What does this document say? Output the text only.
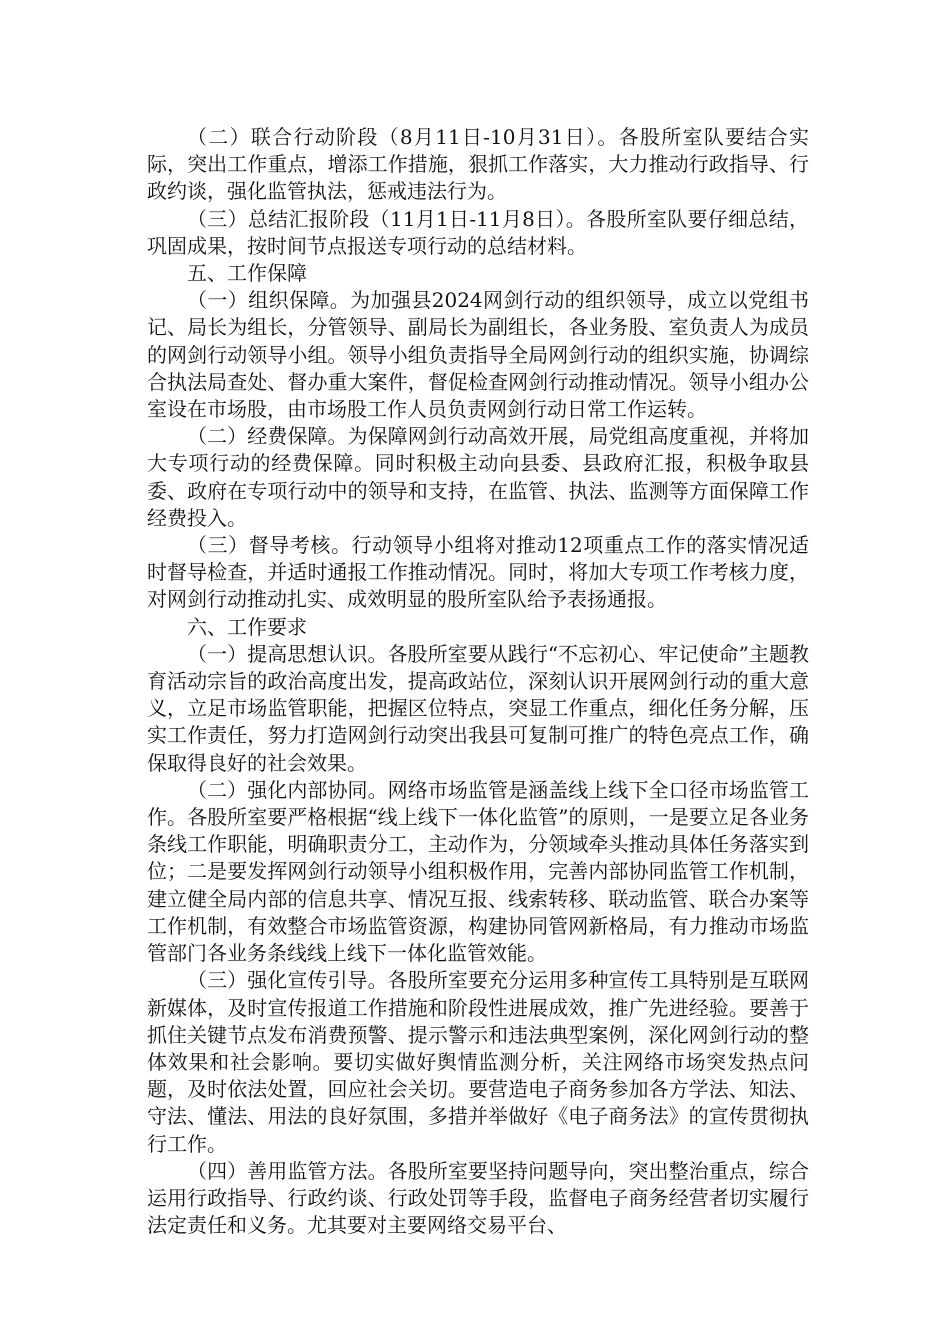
（二）联合行动阶段（8月11日-10月31日）。各股所室队要结合实际，突出工作重点，增添工作措施，狠抓工作落实，大力推动行政指导、行政约谈，强化监管执法，惩戒违法行为。

（三）总结汇报阶段（11月1日-11月8日）。各股所室队要仔细总结，巩固成果，按时间节点报送专项行动的总结材料。

五、工作保障

（一）组织保障。为加强县2024网剑行动的组织领导，成立以党组书记、局长为组长，分管领导、副局长为副组长，各业务股、室负责人为成员的网剑行动领导小组。领导小组负责指导全局网剑行动的组织实施，协调综合执法局查处、督办重大案件，督促检查网剑行动推动情况。领导小组办公室设在市场股，由市场股工作人员负责网剑行动日常工作运转。

（二）经费保障。为保障网剑行动高效开展，局党组高度重视，并将加大专项行动的经费保障。同时积极主动向县委、县政府汇报，积极争取县委、政府在专项行动中的领导和支持，在监管、执法、监测等方面保障工作经费投入。

（三）督导考核。行动领导小组将对推动12项重点工作的落实情况适时督导检查，并适时通报工作推动情况。同时，将加大专项工作考核力度，对网剑行动推动扎实、成效明显的股所室队给予表扬通报。

六、工作要求

（一）提高思想认识。各股所室要从践行“不忘初心、牢记使命”主题教育活动宗旨的政治高度出发，提高政站位，深刻认识开展网剑行动的重大意义，立足市场监管职能，把握区位特点，突显工作重点，细化任务分解，压实工作责任，努力打造网剑行动突出我县可复制可推广的特色亮点工作，确保取得良好的社会效果。

（二）强化内部协同。网络市场监管是涵盖线上线下全口径市场监管工作。各股所室要严格根据“线上线下一体化监管”的原则，一是要立足各业务条线工作职能，明确职责分工，主动作为，分领域牵头推动具体任务落实到位；二是要发挥网剑行动领导小组积极作用，完善内部协同监管工作机制，建立健全局内部的信息共享、情况互报、线索转移、联动监管、联合办案等工作机制，有效整合市场监管资源，构建协同管网新格局，有力推动市场监管部门各业务条线线上线下一体化监管效能。

（三）强化宣传引导。各股所室要充分运用多种宣传工具特别是互联网新媒体，及时宣传报道工作措施和阶段性进展成效，推广先进经验。要善于抓住关键节点发布消费预警、提示警示和违法典型案例，深化网剑行动的整体效果和社会影响。要切实做好舆情监测分析，关注网络市场突发热点问题，及时依法处置，回应社会关切。要营造电子商务参加各方学法、知法、守法、懂法、用法的良好氛围，多措并举做好《电子商务法》的宣传贯彻执行工作。

（四）善用监管方法。各股所室要坚持问题导向，突出整治重点，综合运用行政指导、行政约谈、行政处罚等手段，监督电子商务经营者切实履行法定责任和义务。尤其要对主要网络交易平台、
